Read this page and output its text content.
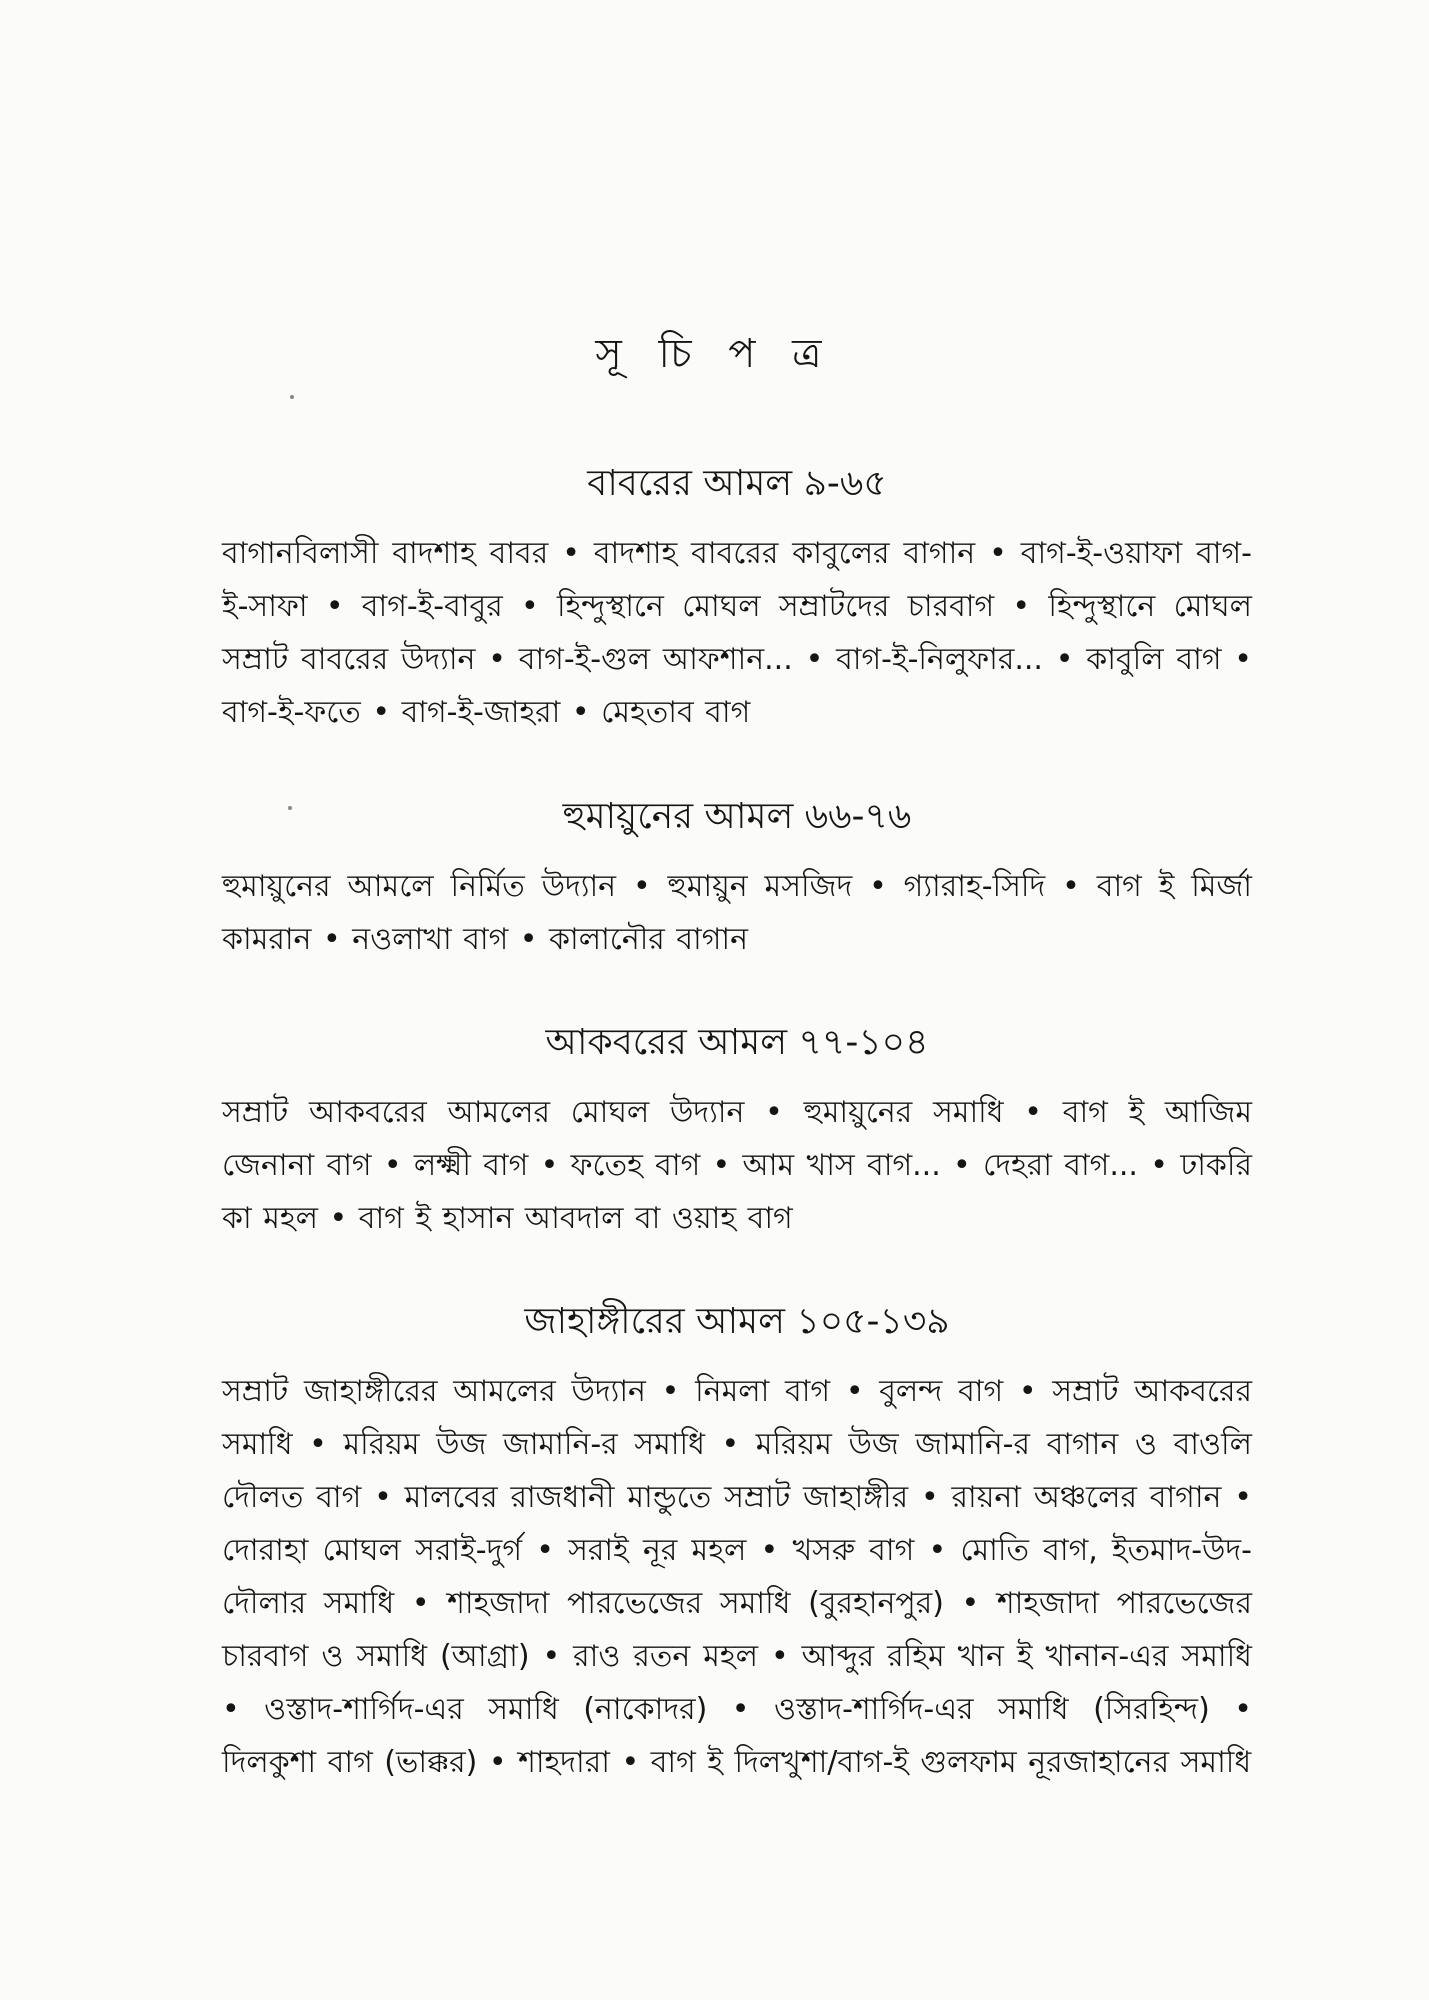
সূ চি প ত্র
বাবরের আমল ৯-৬৫

বাগানবিলাসী বাদশাহ বাবর • বাদশাহ বাবরের কাবুলের বাগান • বাগ-ই-ওয়াফা বাগ-ই-সাফা • বাগ-ই-বাবুর • হিন্দুস্থানে মোঘল সম্রাটদের চারবাগ • হিন্দুস্থানে মোঘল সম্রাট বাবরের উদ্যান • বাগ-ই-গুল আফশান... • বাগ-ই-নিলুফার... • কাবুলি বাগ • বাগ-ই-ফতে • বাগ-ই-জাহরা • মেহতাব বাগ

হুমায়ুনের আমল ৬৬-৭৬

হুমায়ুনের আমলে নির্মিত উদ্যান • হুমায়ুন মসজিদ • গ্যারাহ-সিদি • বাগ ই মির্জা কামরান • নওলাখা বাগ • কালানৌর বাগান

আকবরের আমল ৭৭-১০৪

সম্রাট আকবরের আমলের মোঘল উদ্যান • হুমায়ুনের সমাধি • বাগ ই আজিম জেনানা বাগ • লক্ষ্মী বাগ • ফতেহ বাগ • আম খাস বাগ... • দেহরা বাগ... • ঢাকরি কা মহল • বাগ ই হাসান আবদাল বা ওয়াহ বাগ

জাহাঙ্গীরের আমল ১০৫-১৩৯

সম্রাট জাহাঙ্গীরের আমলের উদ্যান • নিমলা বাগ • বুলন্দ বাগ • সম্রাট আকবরের সমাধি • মরিয়ম উজ জামানি-র সমাধি • মরিয়ম উজ জামানি-র বাগান ও বাওলি দৌলত বাগ • মালবের রাজধানী মান্ডুতে সম্রাট জাহাঙ্গীর • রায়না অঞ্চলের বাগান • দোরাহা মোঘল সরাই-দুর্গ • সরাই নূর মহল • খসরু বাগ • মোতি বাগ, ইতমাদ-উদ-দৌলার সমাধি • শাহজাদা পারভেজের সমাধি (বুরহানপুর) • শাহজাদা পারভেজের চারবাগ ও সমাধি (আগ্রা) • রাও রতন মহল • আব্দুর রহিম খান ই খানান-এর সমাধি • ওস্তাদ-শার্গিদ-এর সমাধি (নাকোদর) • ওস্তাদ-শার্গিদ-এর সমাধি (সিরহিন্দ) • দিলকুশা বাগ (ভাক্কর) • শাহদারা • বাগ ই দিলখুশা/বাগ-ই গুলফাম নূরজাহানের সমাধি
